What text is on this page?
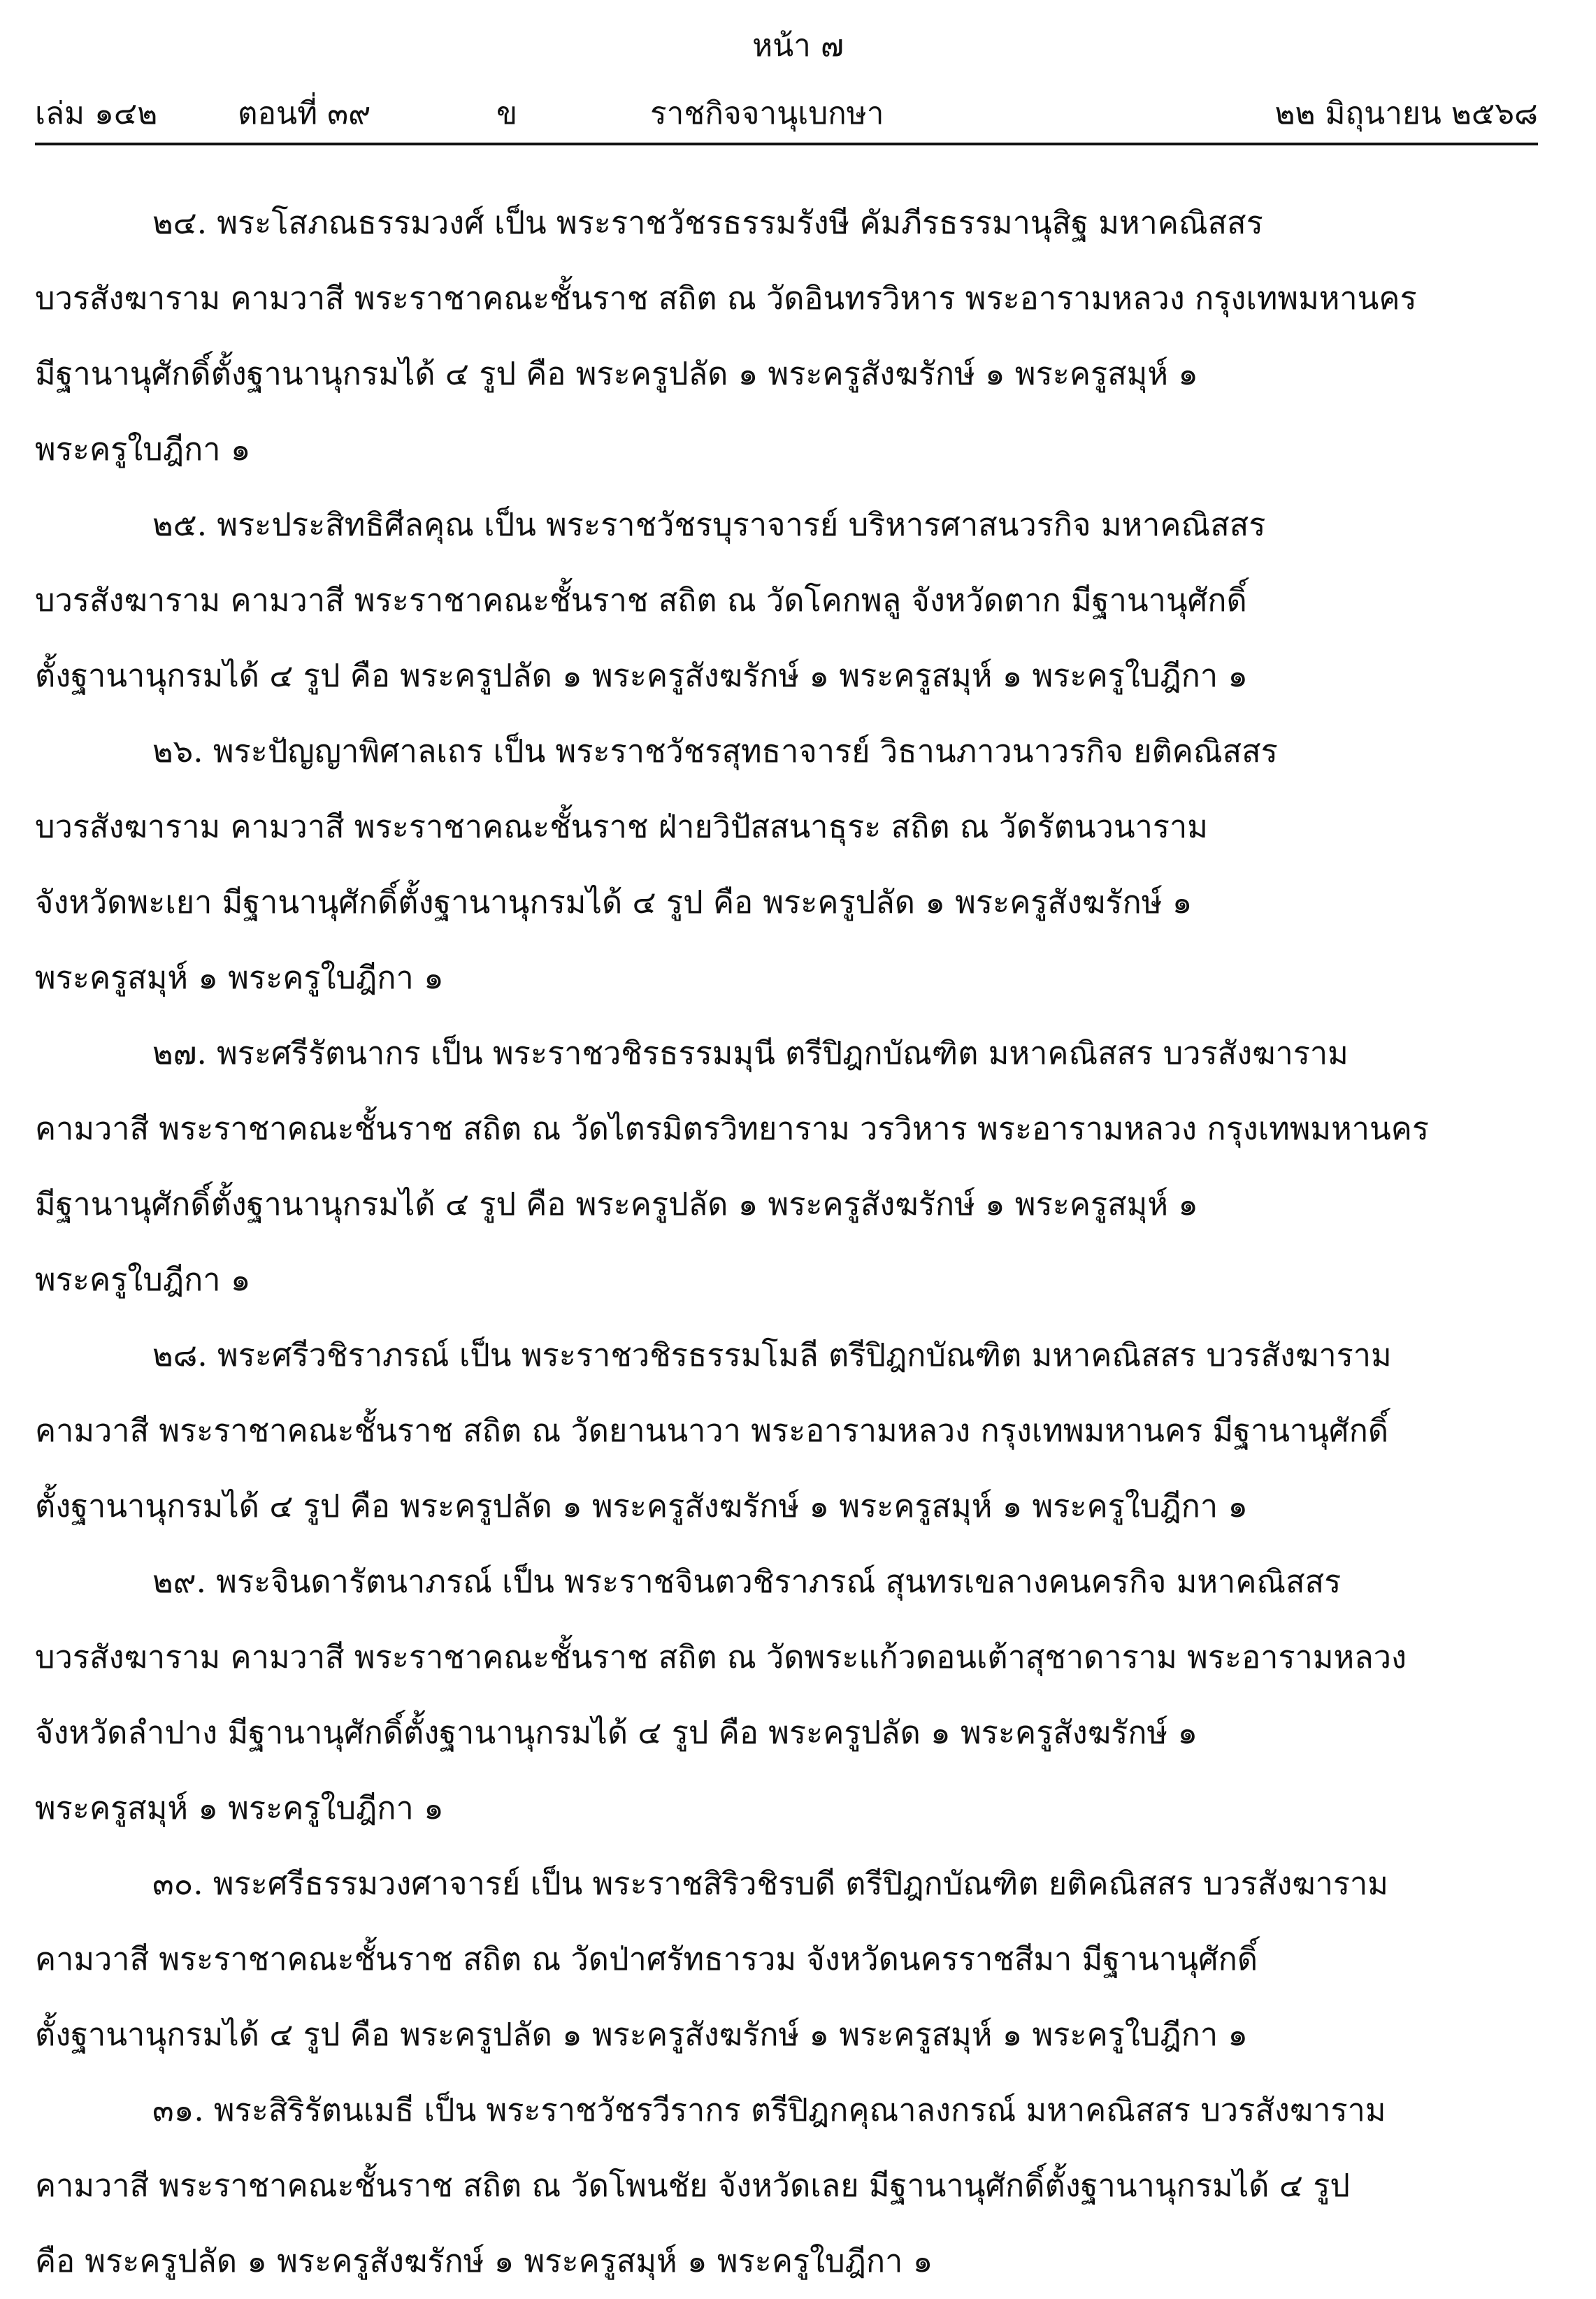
หน้า ๗
เล่ม ๑๔๒	ตอนที่ ๓๙	ข	ราชกิจจานุเบกษา	๒๒ มิถุนายน ๒๕๖๘
๒๔. พระโสภณธรรมวงศ์ เป็น พระราชวัชรธรรมรังษี คัมภีรธรรมานุสิฐ มหาคณิสสร
บวรสังฆาราม คามวาสี พระราชาคณะชั้นราช สถิต ณ วัดอินทรวิหาร พระอารามหลวง กรุงเทพมหานคร
มีฐานานุศักดิ์ตั้งฐานานุกรมได้ ๔ รูป คือ พระครูปลัด ๑ พระครูสังฆรักษ์ ๑ พระครูสมุห์ ๑
พระครูใบฎีกา ๑
๒๕. พระประสิทธิศีลคุณ เป็น พระราชวัชรบุราจารย์ บริหารศาสนวรกิจ มหาคณิสสร
บวรสังฆาราม คามวาสี พระราชาคณะชั้นราช สถิต ณ วัดโคกพลู จังหวัดตาก มีฐานานุศักดิ์
ตั้งฐานานุกรมได้ ๔ รูป คือ พระครูปลัด ๑ พระครูสังฆรักษ์ ๑ พระครูสมุห์ ๑ พระครูใบฎีกา ๑
๒๖. พระปัญญาพิศาลเถร เป็น พระราชวัชรสุทธาจารย์ วิธานภาวนาวรกิจ ยติคณิสสร
บวรสังฆาราม คามวาสี พระราชาคณะชั้นราช ฝ่ายวิปัสสนาธุระ สถิต ณ วัดรัตนวนาราม
จังหวัดพะเยา มีฐานานุศักดิ์ตั้งฐานานุกรมได้ ๔ รูป คือ พระครูปลัด ๑ พระครูสังฆรักษ์ ๑
พระครูสมุห์ ๑ พระครูใบฎีกา ๑
๒๗. พระศรีรัตนากร เป็น พระราชวชิรธรรมมุนี ตรีปิฎกบัณฑิต มหาคณิสสร บวรสังฆาราม
คามวาสี พระราชาคณะชั้นราช สถิต ณ วัดไตรมิตรวิทยาราม วรวิหาร พระอารามหลวง กรุงเทพมหานคร
มีฐานานุศักดิ์ตั้งฐานานุกรมได้ ๔ รูป คือ พระครูปลัด ๑ พระครูสังฆรักษ์ ๑ พระครูสมุห์ ๑
พระครูใบฎีกา ๑
๒๘. พระศรีวชิราภรณ์ เป็น พระราชวชิรธรรมโมลี ตรีปิฎกบัณฑิต มหาคณิสสร บวรสังฆาราม
คามวาสี พระราชาคณะชั้นราช สถิต ณ วัดยานนาวา พระอารามหลวง กรุงเทพมหานคร มีฐานานุศักดิ์
ตั้งฐานานุกรมได้ ๔ รูป คือ พระครูปลัด ๑ พระครูสังฆรักษ์ ๑ พระครูสมุห์ ๑ พระครูใบฎีกา ๑
๒๙. พระจินดารัตนาภรณ์ เป็น พระราชจินตวชิราภรณ์ สุนทรเขลางคนครกิจ มหาคณิสสร
บวรสังฆาราม คามวาสี พระราชาคณะชั้นราช สถิต ณ วัดพระแก้วดอนเต้าสุชาดาราม พระอารามหลวง
จังหวัดลำปาง มีฐานานุศักดิ์ตั้งฐานานุกรมได้ ๔ รูป คือ พระครูปลัด ๑ พระครูสังฆรักษ์ ๑
พระครูสมุห์ ๑ พระครูใบฎีกา ๑
๓๐. พระศรีธรรมวงศาจารย์ เป็น พระราชสิริวชิรบดี ตรีปิฎกบัณฑิต ยติคณิสสร บวรสังฆาราม
คามวาสี พระราชาคณะชั้นราช สถิต ณ วัดป่าศรัทธารวม จังหวัดนครราชสีมา มีฐานานุศักดิ์
ตั้งฐานานุกรมได้ ๔ รูป คือ พระครูปลัด ๑ พระครูสังฆรักษ์ ๑ พระครูสมุห์ ๑ พระครูใบฎีกา ๑
๓๑. พระสิริรัตนเมธี เป็น พระราชวัชรวีรากร ตรีปิฎกคุณาลงกรณ์ มหาคณิสสร บวรสังฆาราม
คามวาสี พระราชาคณะชั้นราช สถิต ณ วัดโพนชัย จังหวัดเลย มีฐานานุศักดิ์ตั้งฐานานุกรมได้ ๔ รูป
คือ พระครูปลัด ๑ พระครูสังฆรักษ์ ๑ พระครูสมุห์ ๑ พระครูใบฎีกา ๑
